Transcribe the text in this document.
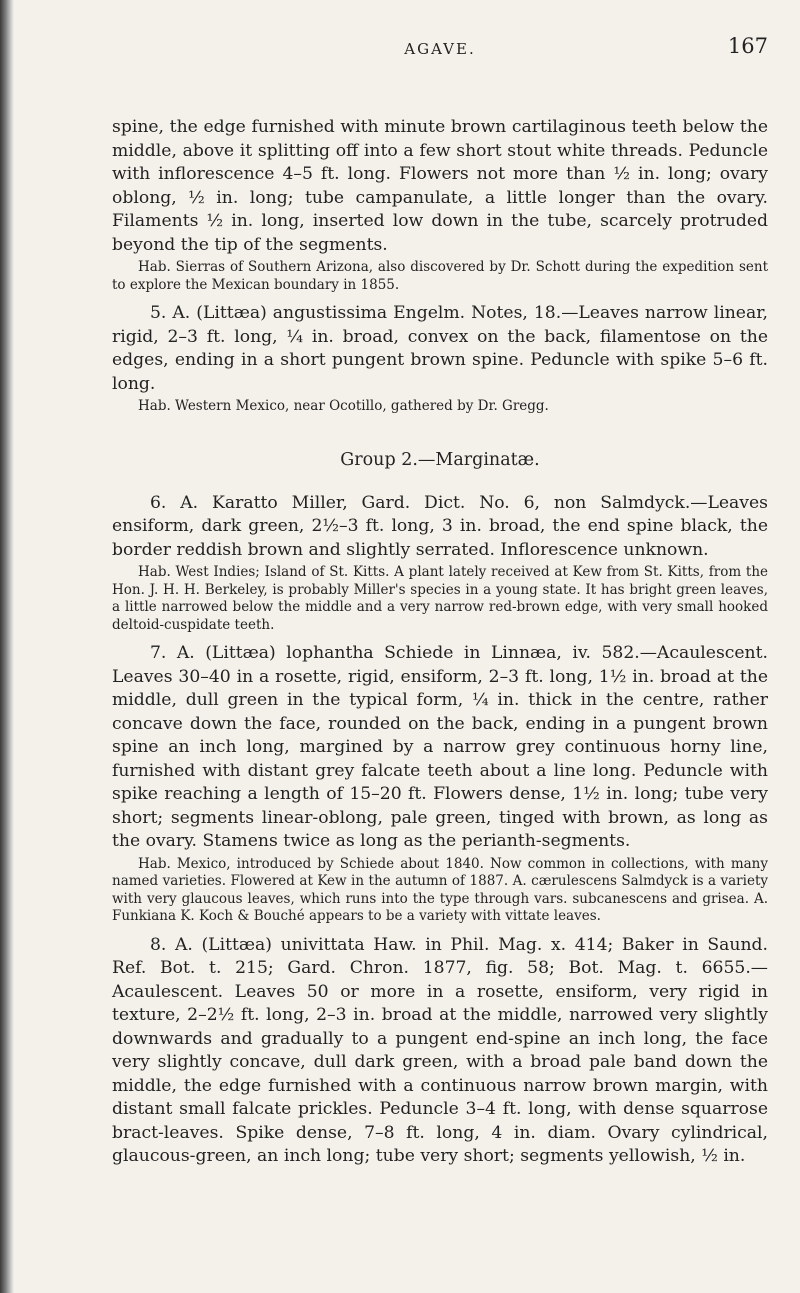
AGAVE.	167

spine, the edge furnished with minute brown cartilaginous teeth below the middle, above it splitting off into a few short stout white threads. Peduncle with inflorescence 4–5 ft. long. Flowers not more than ½ in. long; ovary oblong, ½ in. long; tube campanulate, a little longer than the ovary. Filaments ½ in. long, inserted low down in the tube, scarcely protruded beyond the tip of the segments.

Hab. Sierras of Southern Arizona, also discovered by Dr. Schott during the expedition sent to explore the Mexican boundary in 1855.

5. A. (Littæa) angustissima Engelm. Notes, 18.—Leaves narrow linear, rigid, 2–3 ft. long, ¼ in. broad, convex on the back, filamentose on the edges, ending in a short pungent brown spine. Peduncle with spike 5–6 ft. long.

Hab. Western Mexico, near Ocotillo, gathered by Dr. Gregg.

Group 2.—Marginatæ.

6. A. Karatto Miller, Gard. Dict. No. 6, non Salmdyck.—Leaves ensiform, dark green, 2½–3 ft. long, 3 in. broad, the end spine black, the border reddish brown and slightly serrated. Inflorescence unknown.

Hab. West Indies; Island of St. Kitts. A plant lately received at Kew from St. Kitts, from the Hon. J. H. H. Berkeley, is probably Miller's species in a young state. It has bright green leaves, a little narrowed below the middle and a very narrow red-brown edge, with very small hooked deltoid-cuspidate teeth.

7. A. (Littæa) lophantha Schiede in Linnæa, iv. 582.—Acaulescent. Leaves 30–40 in a rosette, rigid, ensiform, 2–3 ft. long, 1½ in. broad at the middle, dull green in the typical form, ¼ in. thick in the centre, rather concave down the face, rounded on the back, ending in a pungent brown spine an inch long, margined by a narrow grey continuous horny line, furnished with distant grey falcate teeth about a line long. Peduncle with spike reaching a length of 15–20 ft. Flowers dense, 1½ in. long; tube very short; segments linear-oblong, pale green, tinged with brown, as long as the ovary. Stamens twice as long as the perianth-segments.

Hab. Mexico, introduced by Schiede about 1840. Now common in collections, with many named varieties. Flowered at Kew in the autumn of 1887. A. cærulescens Salmdyck is a variety with very glaucous leaves, which runs into the type through vars. subcanescens and grisea. A. Funkiana K. Koch & Bouché appears to be a variety with vittate leaves.

8. A. (Littæa) univittata Haw. in Phil. Mag. x. 414; Baker in Saund. Ref. Bot. t. 215; Gard. Chron. 1877, fig. 58; Bot. Mag. t. 6655.—Acaulescent. Leaves 50 or more in a rosette, ensiform, very rigid in texture, 2–2½ ft. long, 2–3 in. broad at the middle, narrowed very slightly downwards and gradually to a pungent end-spine an inch long, the face very slightly concave, dull dark green, with a broad pale band down the middle, the edge furnished with a continuous narrow brown margin, with distant small falcate prickles. Peduncle 3–4 ft. long, with dense squarrose bract-leaves. Spike dense, 7–8 ft. long, 4 in. diam. Ovary cylindrical, glaucous-green, an inch long; tube very short; segments yellowish, ½ in.
